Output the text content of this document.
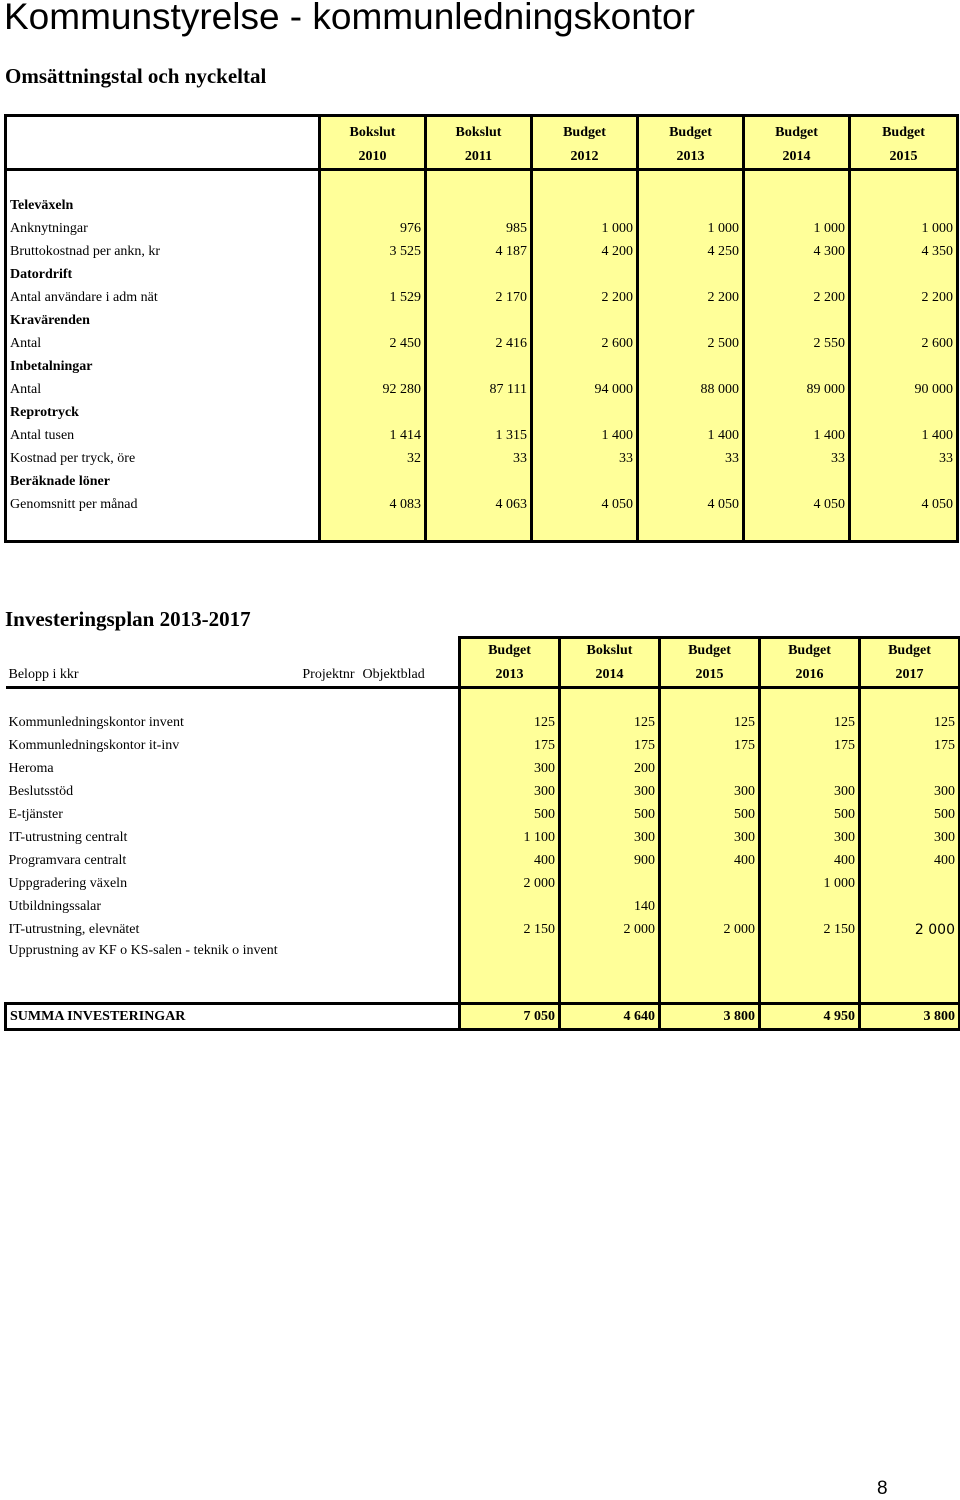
Kommunstyrelse - kommunledningskontor
Omsättningstal och nyckeltal
	Bokslut	Bokslut	Budget	Budget	Budget	Budget
	2010	2011	2012	2013	2014	2015

Televäxeln						
Anknytningar	976	985	1 000	1 000	1 000	1 000
Bruttokostnad per ankn, kr	3 525	4 187	4 200	4 250	4 300	4 350
Datordrift						
Antal användare i adm nät	1 529	2 170	2 200	2 200	2 200	2 200
Kravärenden						
Antal	2 450	2 416	2 600	2 500	2 550	2 600
Inbetalningar						
Antal	92 280	87 111	94 000	88 000	89 000	90 000
Reprotryck						
Antal tusen	1 414	1 315	1 400	1 400	1 400	1 400
Kostnad per tryck, öre	32	33	33	33	33	33
Beräknade löner						
Genomsnitt per månad	4 083	4 063	4 050	4 050	4 050	4 050

Investeringsplan 2013-2017
			Budget	Bokslut	Budget	Budget	Budget
Belopp i kkr	Projektnr	Objektblad	2013	2014	2015	2016	2017

Kommunledningskontor invent			125	125	125	125	125
Kommunledningskontor it-inv			175	175	175	175	175
Heroma			300	200			
Beslutsstöd			300	300	300	300	300
E-tjänster			500	500	500	500	500
IT-utrustning centralt			1 100	300	300	300	300
Programvara centralt			400	900	400	400	400
Uppgradering växeln			2 000			1 000	
Utbildningssalar				140			
IT-utrustning, elevnätet			2 150	2 000	2 000	2 150	2 000
Upprustning av KF o KS-salen - teknik o invent							

SUMMA INVESTERINGAR			7 050	4 640	3 800	4 950	3 800
8
